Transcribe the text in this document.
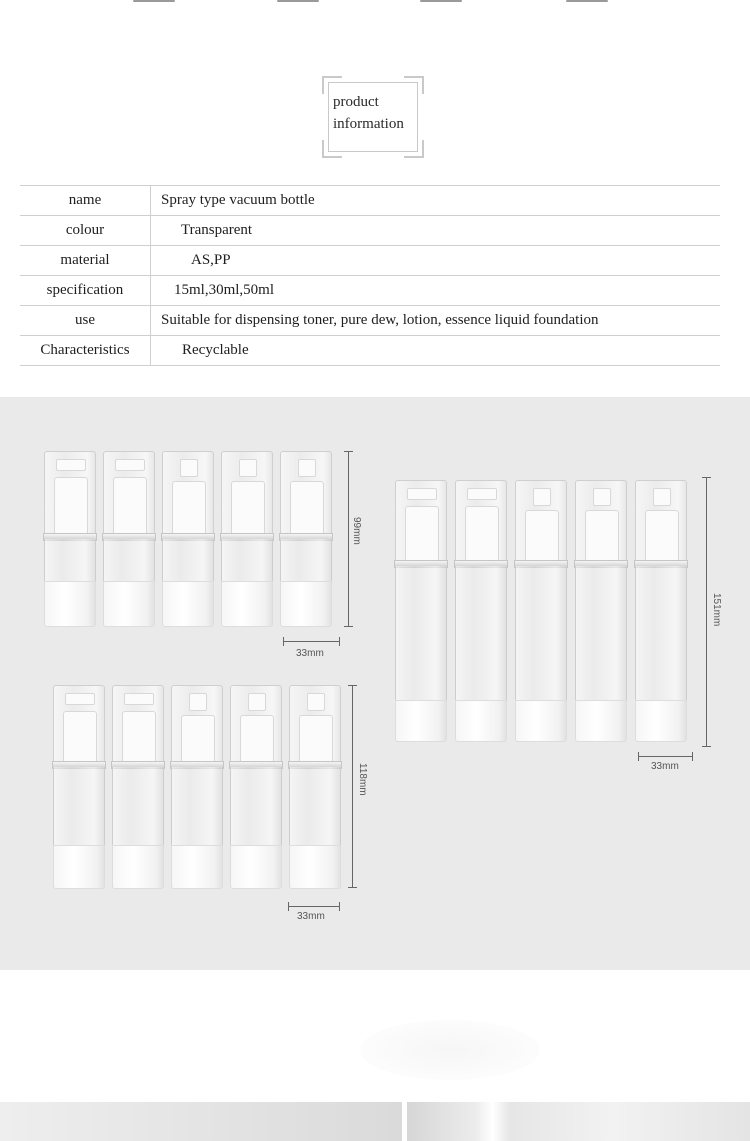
product
information
name	Spray type vacuum bottle
colour	Transparent
material	AS,PP
specification	15ml,30ml,50ml
use	Suitable for dispensing toner, pure dew, lotion, essence liquid foundation
Characteristics	Recyclable
99mm
33mm
118mm
33mm
151mm
33mm
